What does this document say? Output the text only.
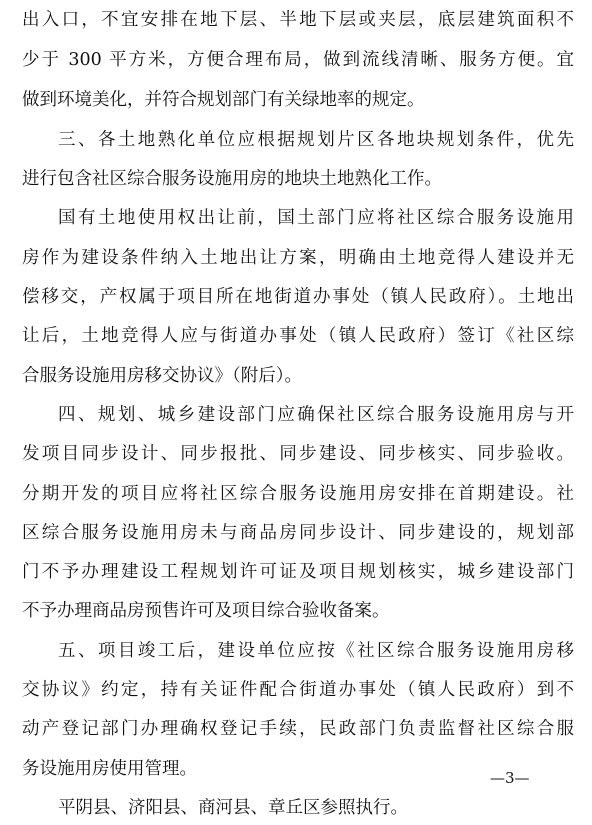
出入口，不宜安排在地下层、半地下层或夹层，底层建筑面积不
少于 300 平方米，方便合理布局，做到流线清晰、服务方便。宜
做到环境美化，并符合规划部门有关绿地率的规定。
三、各土地熟化单位应根据规划片区各地块规划条件，优先
进行包含社区综合服务设施用房的地块土地熟化工作。
国有土地使用权出让前，国土部门应将社区综合服务设施用
房作为建设条件纳入土地出让方案，明确由土地竞得人建设并无
偿移交，产权属于项目所在地街道办事处（镇人民政府）。土地出
让后，土地竞得人应与街道办事处（镇人民政府）签订《社区综
合服务设施用房移交协议》（附后）。
四、规划、城乡建设部门应确保社区综合服务设施用房与开
发项目同步设计、同步报批、同步建设、同步核实、同步验收。
分期开发的项目应将社区综合服务设施用房安排在首期建设。社
区综合服务设施用房未与商品房同步设计、同步建设的，规划部
门不予办理建设工程规划许可证及项目规划核实，城乡建设部门
不予办理商品房预售许可及项目综合验收备案。
五、项目竣工后，建设单位应按《社区综合服务设施用房移
交协议》约定，持有关证件配合街道办事处（镇人民政府）到不
动产登记部门办理确权登记手续，民政部门负责监督社区综合服
务设施用房使用管理。
平阴县、济阳县、商河县、章丘区参照执行。
—3—
